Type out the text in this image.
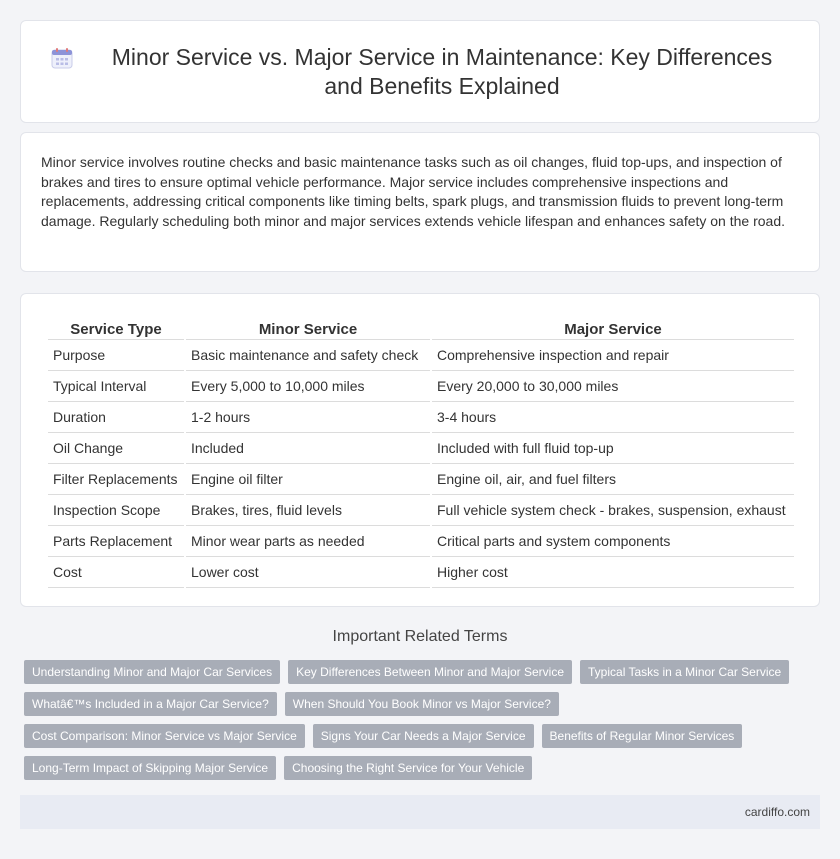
Minor Service vs. Major Service in Maintenance: Key Differences and Benefits Explained

Minor service involves routine checks and basic maintenance tasks such as oil changes, fluid top-ups, and inspection of brakes and tires to ensure optimal vehicle performance. Major service includes comprehensive inspections and replacements, addressing critical components like timing belts, spark plugs, and transmission fluids to prevent long-term damage. Regularly scheduling both minor and major services extends vehicle lifespan and enhances safety on the road.

Service Type	Minor Service	Major Service
Purpose	Basic maintenance and safety check	Comprehensive inspection and repair
Typical Interval	Every 5,000 to 10,000 miles	Every 20,000 to 30,000 miles
Duration	1-2 hours	3-4 hours
Oil Change	Included	Included with full fluid top-up
Filter Replacements	Engine oil filter	Engine oil, air, and fuel filters
Inspection Scope	Brakes, tires, fluid levels	Full vehicle system check - brakes, suspension, exhaust
Parts Replacement	Minor wear parts as needed	Critical parts and system components
Cost	Lower cost	Higher cost
Important Related Terms
Understanding Minor and Major Car Services	Key Differences Between Minor and Major Service	Typical Tasks in a Minor Car Service
Whatâ€™s Included in a Major Car Service?	When Should You Book Minor vs Major Service?
Cost Comparison: Minor Service vs Major Service	Signs Your Car Needs a Major Service	Benefits of Regular Minor Services
Long-Term Impact of Skipping Major Service	Choosing the Right Service for Your Vehicle
cardiffo.com
